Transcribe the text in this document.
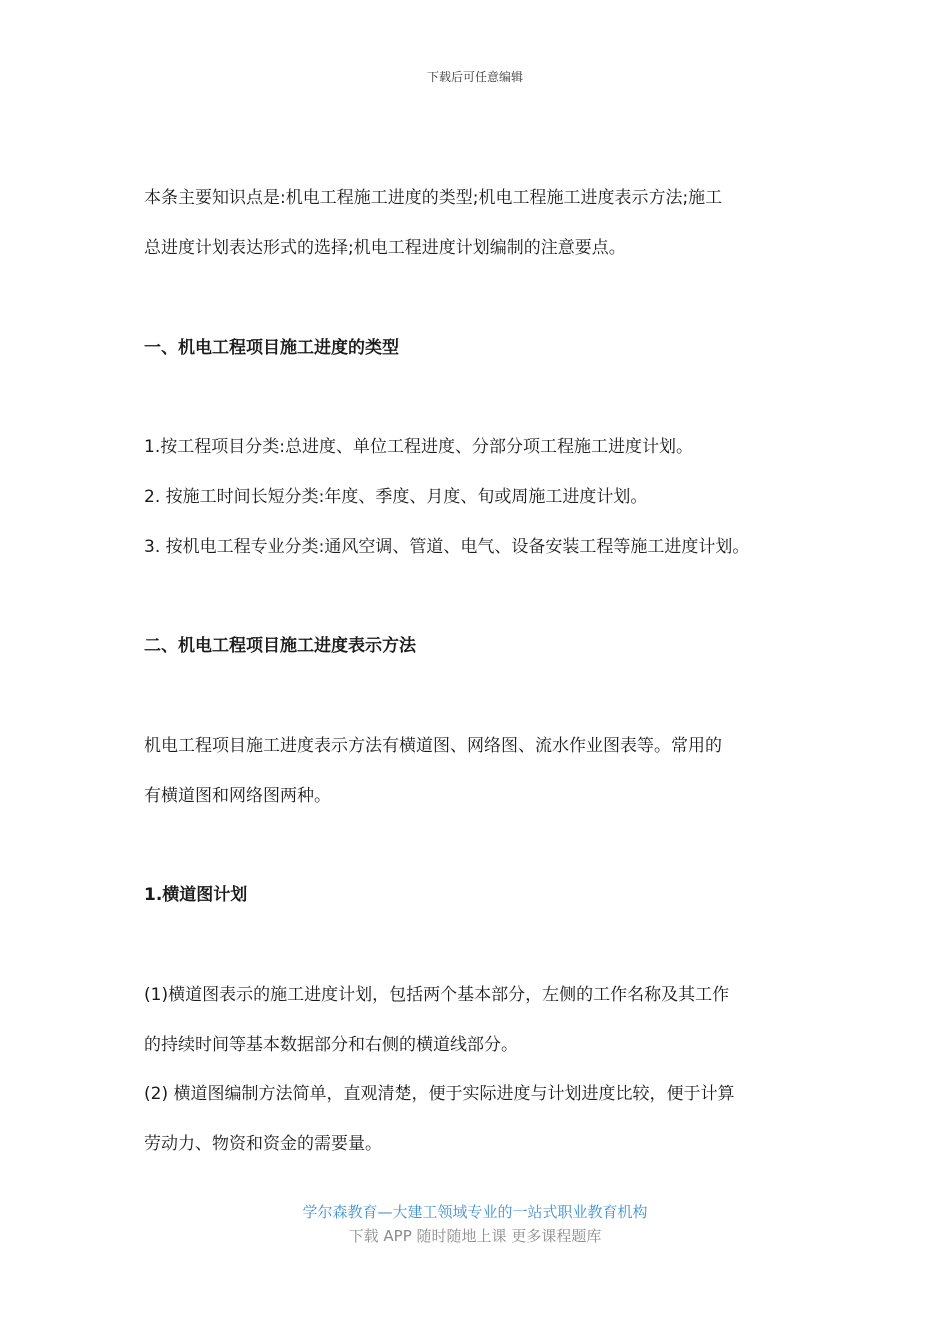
下载后可任意编辑
本条主要知识点是:机电工程施工进度的类型;机电工程施工进度表示方法;施工
总进度计划表达形式的选择;机电工程进度计划编制的注意要点。
一、机电工程项目施工进度的类型
1.按工程项目分类:总进度、单位工程进度、分部分项工程施工进度计划。
2. 按施工时间长短分类:年度、季度、月度、旬或周施工进度计划。
3. 按机电工程专业分类:通风空调、管道、电气、设备安装工程等施工进度计划。
二、机电工程项目施工进度表示方法
机电工程项目施工进度表示方法有横道图、网络图、流水作业图表等。常用的
有横道图和网络图两种。
1.横道图计划
(1)横道图表示的施工进度计划，包括两个基本部分，左侧的工作名称及其工作
的持续时间等基本数据部分和右侧的横道线部分。
(2) 横道图编制方法简单，直观清楚，便于实际进度与计划进度比较，便于计算
劳动力、物资和资金的需要量。
学尔森教育—大建工领域专业的一站式职业教育机构
下载 APP 随时随地上课 更多课程题库
